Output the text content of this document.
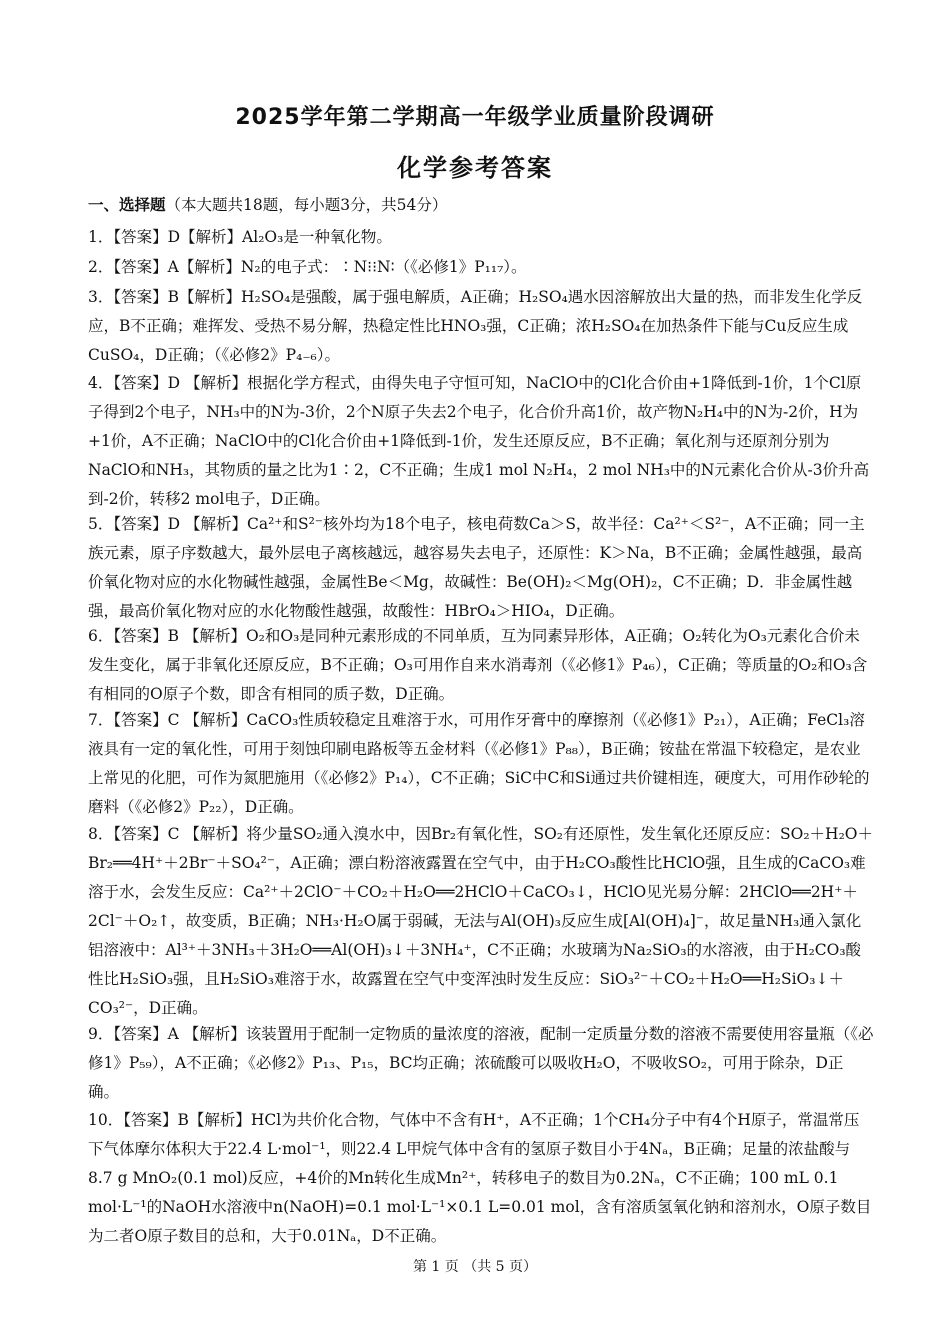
2025学年第二学期高一年级学业质量阶段调研
化学参考答案
一、选择题（本大题共18题，每小题3分，共54分）
1．【答案】D【解析】Al₂O₃是一种氧化物。
2．【答案】A【解析】N₂的电子式：∶N⁝⁝N∶（《必修1》P₁₁₇）。
3．【答案】B【解析】H₂SO₄是强酸，属于强电解质，A正确；H₂SO₄遇水因溶解放出大量的热，而非发生化学反应，B不正确；难挥发、受热不易分解，热稳定性比HNO₃强，C正确；浓H₂SO₄在加热条件下能与Cu反应生成CuSO₄，D正确；（《必修2》P₄₋₆）。
4．【答案】D 【解析】根据化学方程式，由得失电子守恒可知，NaClO中的Cl化合价由+1降低到-1价，1个Cl原子得到2个电子，NH₃中的N为-3价，2个N原子失去2个电子，化合价升高1价，故产物N₂H₄中的N为-2价，H为+1价，A不正确；NaClO中的Cl化合价由+1降低到-1价，发生还原反应，B不正确；氧化剂与还原剂分别为NaClO和NH₃，其物质的量之比为1∶2，C不正确；生成1 mol N₂H₄，2 mol NH₃中的N元素化合价从-3价升高到-2价，转移2 mol电子，D正确。
5．【答案】D 【解析】Ca²⁺和S²⁻核外均为18个电子，核电荷数Ca＞S，故半径：Ca²⁺＜S²⁻，A不正确；同一主族元素，原子序数越大，最外层电子离核越远，越容易失去电子，还原性：K＞Na，B不正确；金属性越强，最高价氧化物对应的水化物碱性越强，金属性Be＜Mg，故碱性：Be(OH)₂＜Mg(OH)₂，C不正确；D．非金属性越强，最高价氧化物对应的水化物酸性越强，故酸性：HBrO₄＞HIO₄，D正确。
6．【答案】B 【解析】O₂和O₃是同种元素形成的不同单质，互为同素异形体，A正确；O₂转化为O₃元素化合价未发生变化，属于非氧化还原反应，B不正确；O₃可用作自来水消毒剂（《必修1》P₄₆），C正确；等质量的O₂和O₃含有相同的O原子个数，即含有相同的质子数，D正确。
7．【答案】C 【解析】CaCO₃性质较稳定且难溶于水，可用作牙膏中的摩擦剂（《必修1》P₂₁），A正确；FeCl₃溶液具有一定的氧化性，可用于刻蚀印刷电路板等五金材料（《必修1》P₈₈），B正确；铵盐在常温下较稳定，是农业上常见的化肥，可作为氮肥施用（《必修2》P₁₄），C不正确；SiC中C和Si通过共价键相连，硬度大，可用作砂轮的磨料（《必修2》P₂₂），D正确。
8．【答案】C 【解析】将少量SO₂通入溴水中，因Br₂有氧化性，SO₂有还原性，发生氧化还原反应：SO₂＋H₂O＋Br₂══4H⁺＋2Br⁻＋SO₄²⁻，A正确；漂白粉溶液露置在空气中，由于H₂CO₃酸性比HClO强，且生成的CaCO₃难溶于水，会发生反应：Ca²⁺＋2ClO⁻＋CO₂＋H₂O══2HClO＋CaCO₃↓，HClO见光易分解：2HClO══2H⁺＋2Cl⁻＋O₂↑，故变质，B正确；NH₃·H₂O属于弱碱，无法与Al(OH)₃反应生成[Al(OH)₄]⁻，故足量NH₃通入氯化铝溶液中：Al³⁺＋3NH₃＋3H₂O══Al(OH)₃↓＋3NH₄⁺，C不正确；水玻璃为Na₂SiO₃的水溶液，由于H₂CO₃酸性比H₂SiO₃强，且H₂SiO₃难溶于水，故露置在空气中变浑浊时发生反应：SiO₃²⁻＋CO₂＋H₂O══H₂SiO₃↓＋CO₃²⁻，D正确。
9．【答案】A 【解析】该装置用于配制一定物质的量浓度的溶液，配制一定质量分数的溶液不需要使用容量瓶（《必修1》P₅₉），A不正确；《必修2》P₁₃、P₁₅，BC均正确；浓硫酸可以吸收H₂O，不吸收SO₂，可用于除杂，D正确。
10．【答案】B【解析】HCl为共价化合物，气体中不含有H⁺，A不正确；1个CH₄分子中有4个H原子，常温常压下气体摩尔体积大于22.4 L·mol⁻¹，则22.4 L甲烷气体中含有的氢原子数目小于4Nₐ，B正确；足量的浓盐酸与8.7 g MnO₂(0.1 mol)反应，+4价的Mn转化生成Mn²⁺，转移电子的数目为0.2Nₐ，C不正确；100 mL 0.1 mol·L⁻¹的NaOH水溶液中n(NaOH)=0.1 mol·L⁻¹×0.1 L=0.01 mol，含有溶质氢氧化钠和溶剂水，O原子数目为二者O原子数目的总和，大于0.01Nₐ，D不正确。
第 1 页 （共 5 页）
